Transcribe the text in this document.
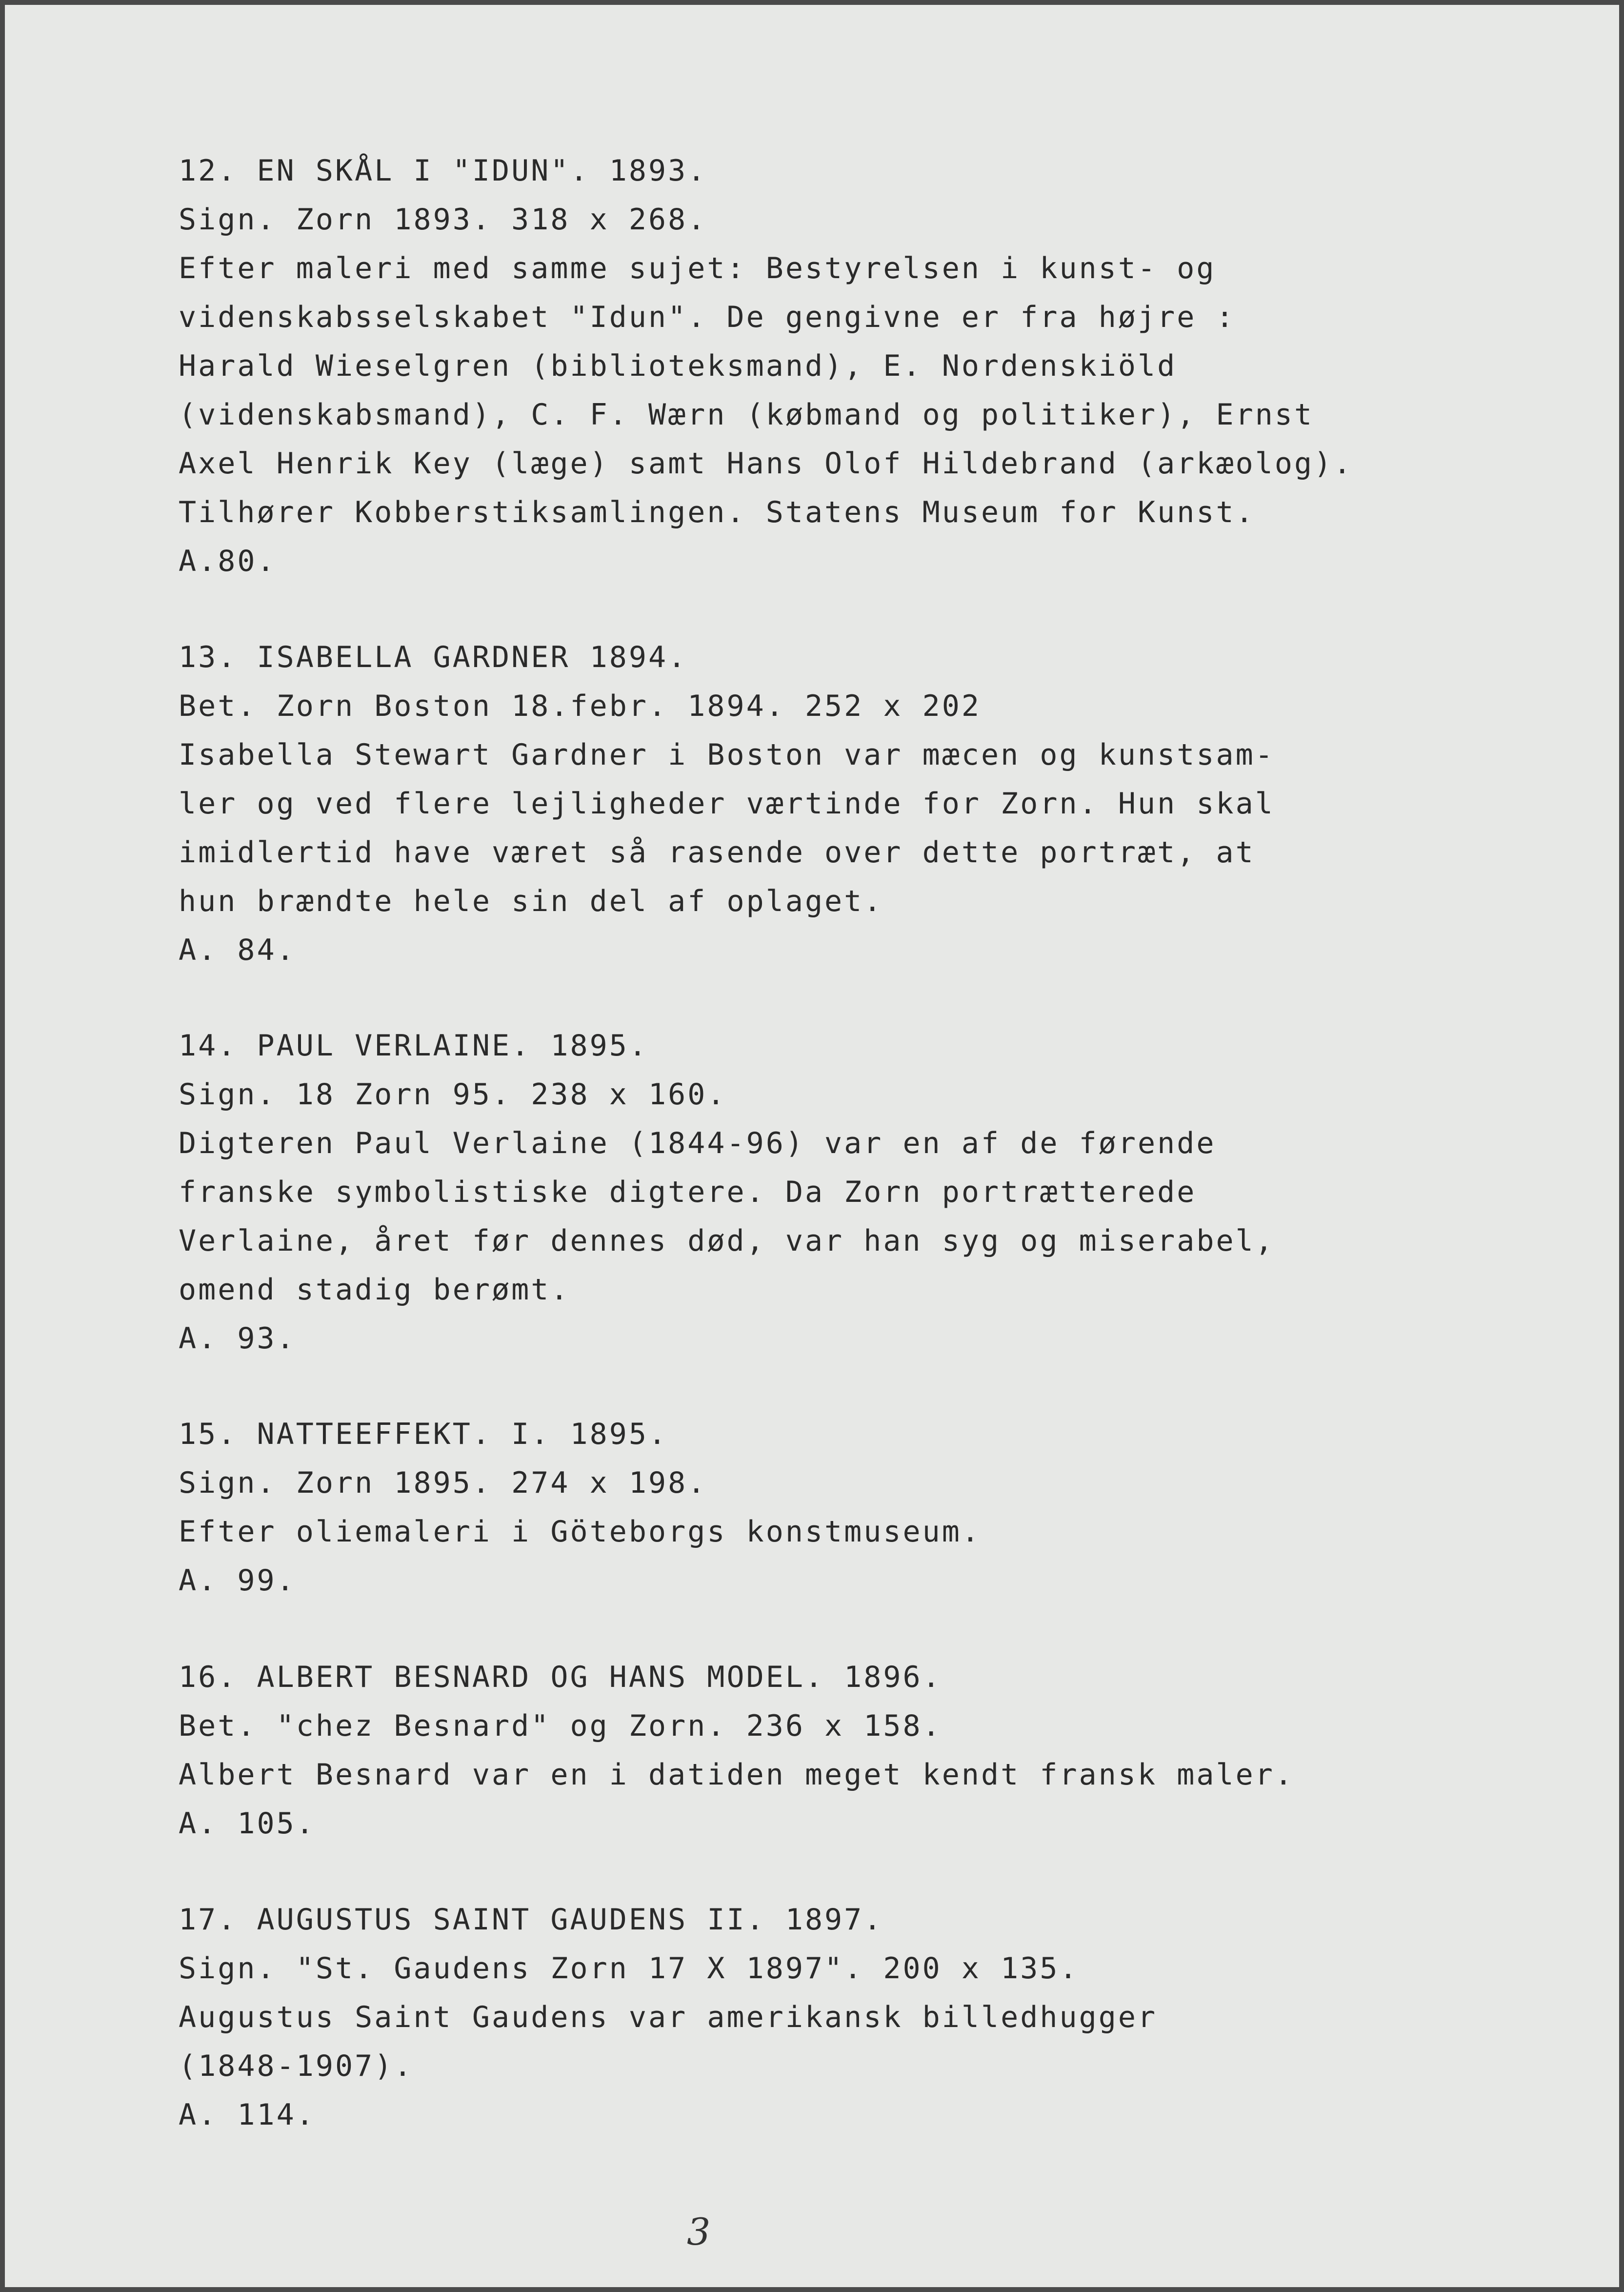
12. EN SKÅL I "IDUN". 1893.
Sign. Zorn 1893. 318 x 268.
Efter maleri med samme sujet: Bestyrelsen i kunst- og
videnskabsselskabet "Idun". De gengivne er fra højre :
Harald Wieselgren (biblioteksmand), E. Nordenskiöld
(videnskabsmand), C. F. Wærn (købmand og politiker), Ernst
Axel Henrik Key (læge) samt Hans Olof Hildebrand (arkæolog).
Tilhører Kobberstiksamlingen. Statens Museum for Kunst.
A.80.
13. ISABELLA GARDNER 1894.
Bet. Zorn Boston 18.febr. 1894. 252 x 202
Isabella Stewart Gardner i Boston var mæcen og kunstsam-
ler og ved flere lejligheder værtinde for Zorn. Hun skal
imidlertid have været så rasende over dette portræt, at
hun brændte hele sin del af oplaget.
A. 84.
14. PAUL VERLAINE. 1895.
Sign. 18 Zorn 95. 238 x 160.
Digteren Paul Verlaine (1844-96) var en af de førende
franske symbolistiske digtere. Da Zorn portrætterede
Verlaine, året før dennes død, var han syg og miserabel,
omend stadig berømt.
A. 93.
15. NATTEEFFEKT. I. 1895.
Sign. Zorn 1895. 274 x 198.
Efter oliemaleri i Göteborgs konstmuseum.
A. 99.
16. ALBERT BESNARD OG HANS MODEL. 1896.
Bet. "chez Besnard" og Zorn. 236 x 158.
Albert Besnard var en i datiden meget kendt fransk maler.
A. 105.
17. AUGUSTUS SAINT GAUDENS II. 1897.
Sign. "St. Gaudens Zorn 17 X 1897". 200 x 135.
Augustus Saint Gaudens var amerikansk billedhugger
(1848-1907).
A. 114.
3
